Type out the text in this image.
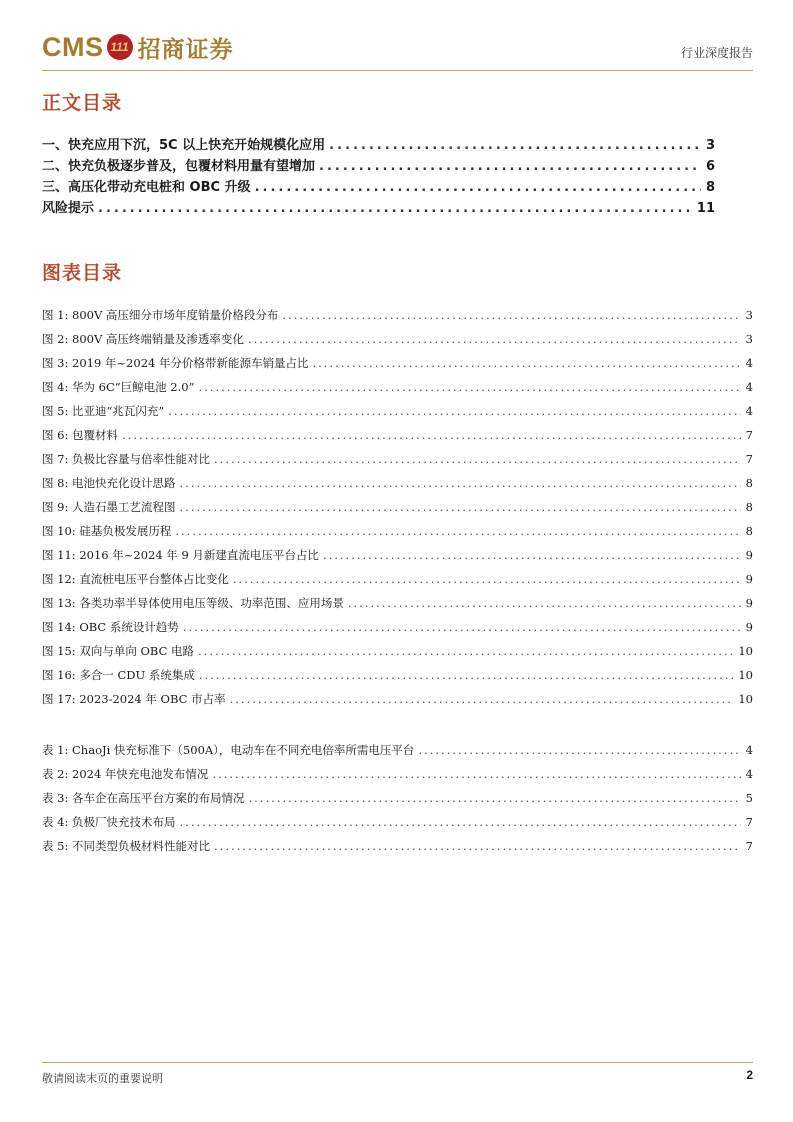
CMS 111 招商证券	行业深度报告
正文目录
一、快充应用下沉，5C 以上快充开始规模化应用 .....	3
二、快充负极逐步普及，包覆材料用量有望增加 .....	6
三、高压化带动充电桩和 OBC 升级 .....	8
风险提示 .....	11
图表目录
图 1: 800V 高压细分市场年度销量价格段分布 .....	3
图 2: 800V 高压终端销量及渗透率变化 .....	3
图 3: 2019 年~2024 年分价格带新能源车销量占比 .....	4
图 4: 华为 6C“巨鲸电池 2.0” .....	4
图 5: 比亚迪“兆瓦闪充” .....	4
图 6: 包覆材料 .....	7
图 7: 负极比容量与倍率性能对比 .....	7
图 8: 电池快充化设计思路 .....	8
图 9: 人造石墨工艺流程图 .....	8
图 10: 硅基负极发展历程 .....	8
图 11: 2016 年~2024 年 9 月新建直流电压平台占比 .....	9
图 12: 直流桩电压平台整体占比变化 .....	9
图 13: 各类功率半导体使用电压等级、功率范围、应用场景 .....	9
图 14: OBC 系统设计趋势 .....	9
图 15: 双向与单向 OBC 电路 .....	10
图 16: 多合一 CDU 系统集成 .....	10
图 17: 2023-2024 年 OBC 市占率 .....	10
表 1: ChaoJi 快充标准下（500A），电动车在不同充电倍率所需电压平台 .....	4
表 2: 2024 年快充电池发布情况 .....	4
表 3: 各车企在高压平台方案的布局情况 .....	5
表 4: 负极厂快充技术布局 .....	7
表 5: 不同类型负极材料性能对比 .....	7
敬请阅读末页的重要说明	2
